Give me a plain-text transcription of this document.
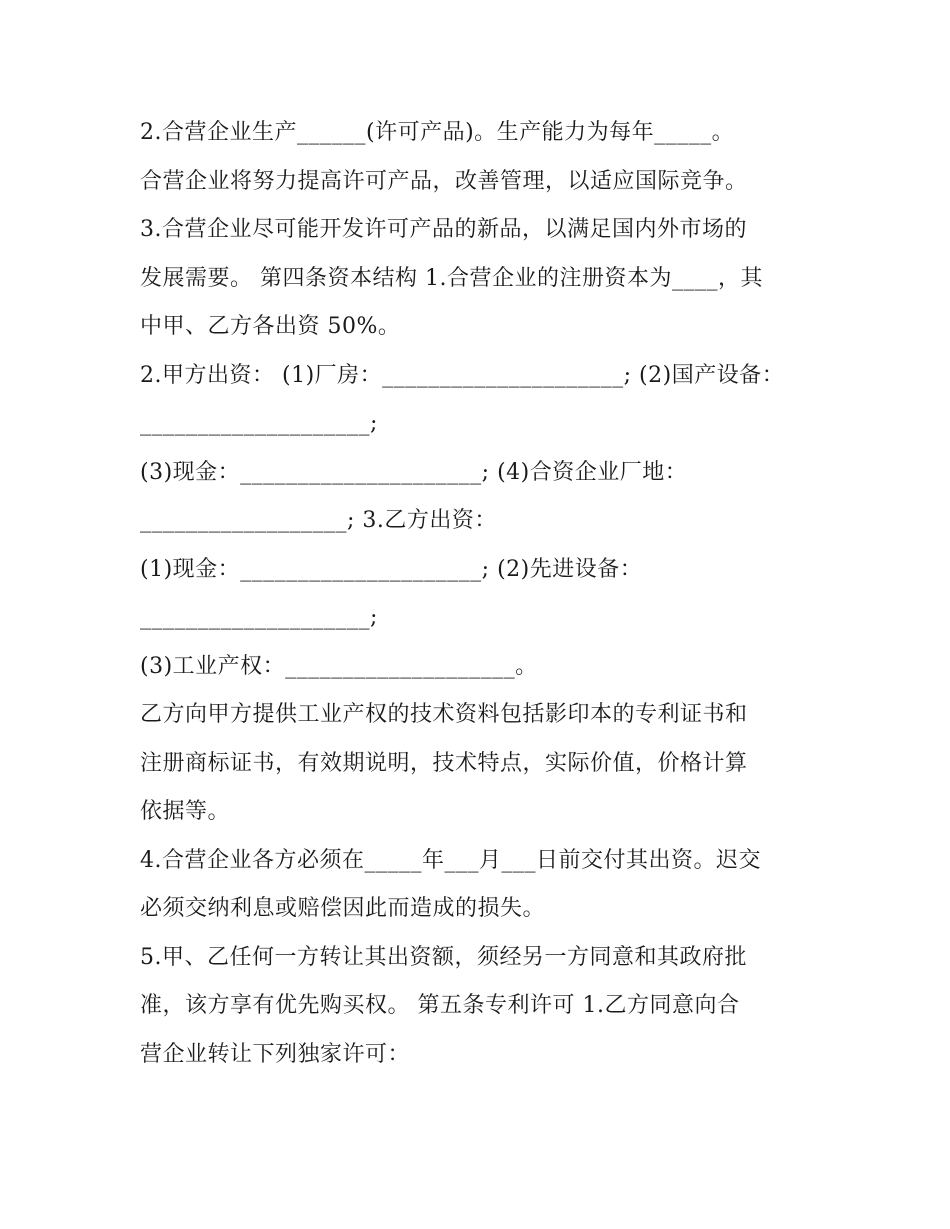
2.合营企业生产______(许可产品)。生产能力为每年_____。
合营企业将努力提高许可产品，改善管理，以适应国际竞争。
3.合营企业尽可能开发许可产品的新品，以满足国内外市场的
发展需要。 第四条资本结构 1.合营企业的注册资本为____，其
中甲、乙方各出资 50%。
2.甲方出资： (1)厂房：_____________________; (2)国产设备：
____________________;
(3)现金：_____________________; (4)合资企业厂地：
__________________; 3.乙方出资：
(1)现金：_____________________; (2)先进设备：
____________________;
(3)工业产权：____________________。
乙方向甲方提供工业产权的技术资料包括影印本的专利证书和
注册商标证书，有效期说明，技术特点，实际价值，价格计算
依据等。
4.合营企业各方必须在_____年___月___日前交付其出资。迟交
必须交纳利息或赔偿因此而造成的损失。
5.甲、乙任何一方转让其出资额，须经另一方同意和其政府批
准，该方享有优先购买权。 第五条专利许可 1.乙方同意向合
营企业转让下列独家许可：
